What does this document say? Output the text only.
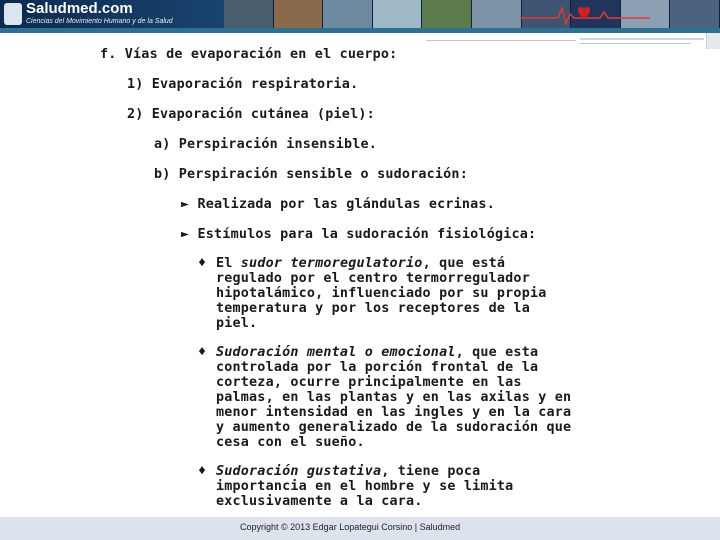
Saludmed.com
Ciencias del Movimiento Humano y de la Salud
f. Vías de evaporación en el cuerpo:
1) Evaporación respiratoria.
2) Evaporación cutánea (piel):
a) Perspiración insensible.
b) Perspiración sensible o sudoración:
► Realizada por las glándulas ecrinas.
► Estímulos para la sudoración fisiológica:
♦ El sudor termoregulatorio, que está
regulado por el centro termorregulador
hipotalámico, influenciado por su propia
temperatura y por los receptores de la
piel.
♦ Sudoración mental o emocional, que esta
controlada por la porción frontal de la
corteza, ocurre principalmente en las
palmas, en las plantas y en las axilas y en
menor intensidad en las ingles y en la cara
y aumento generalizado de la sudoración que
cesa con el sueño.
♦ Sudoración gustativa, tiene poca
importancia en el hombre y se limita
exclusivamente a la cara.
Copyright © 2013 Edgar Lopategui Corsino | Saludmed
